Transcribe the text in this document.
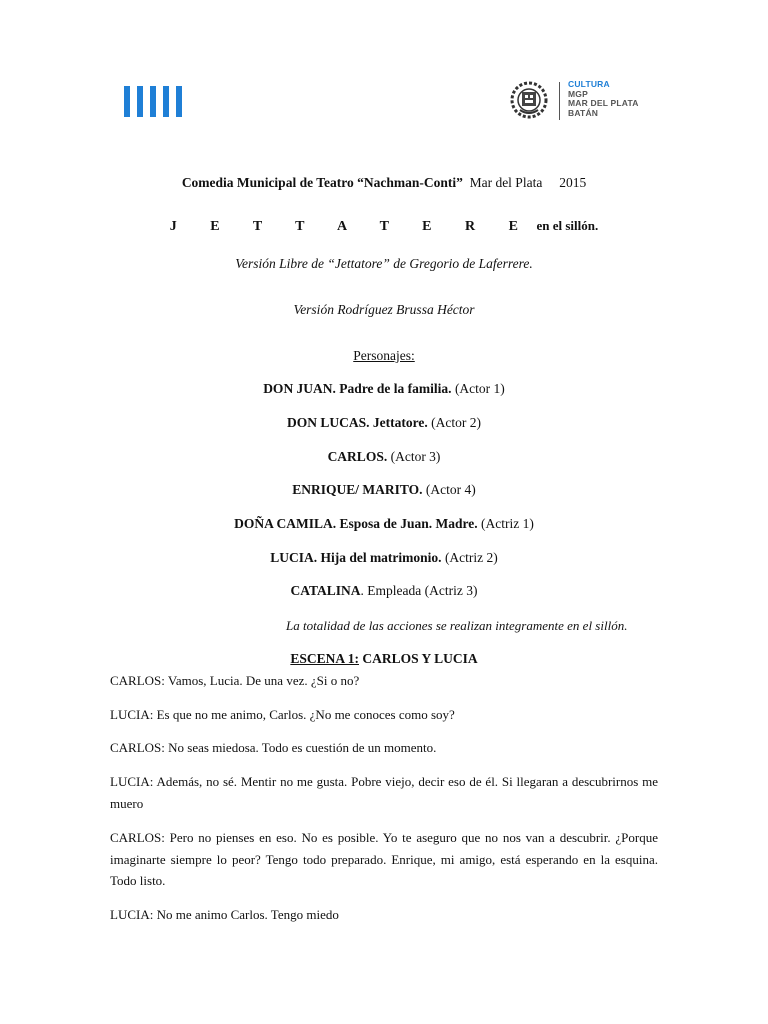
CULTURA
MGP
MAR DEL PLATA
BATÁN
Comedia Municipal de Teatro “Nachman-Conti” Mar del Plata 2015
J E T T A T E R E en el sillón.
Versión Libre de “Jettatore” de Gregorio de Laferrere.
Versión Rodríguez Brussa Héctor
Personajes:
DON JUAN. Padre de la familia. (Actor 1)
DON LUCAS. Jettatore. (Actor 2)
CARLOS. (Actor 3)
ENRIQUE/ MARITO. (Actor 4)
DOÑA CAMILA. Esposa de Juan. Madre. (Actriz 1)
LUCIA. Hija del matrimonio. (Actriz 2)
CATALINA. Empleada (Actriz 3)
La totalidad de las acciones se realizan integramente en el sillón.
ESCENA 1: CARLOS Y LUCIA
CARLOS: Vamos, Lucia. De una vez. ¿Si o no?
LUCIA: Es que no me animo, Carlos. ¿No me conoces como soy?
CARLOS: No seas miedosa. Todo es cuestión de un momento.
LUCIA: Además, no sé. Mentir no me gusta. Pobre viejo, decir eso de él. Si llegaran a descubrirnos me muero
CARLOS: Pero no pienses en eso. No es posible. Yo te aseguro que no nos van a descubrir. ¿Porque imaginarte siempre lo peor? Tengo todo preparado. Enrique, mi amigo, está esperando en la esquina. Todo listo.
LUCIA: No me animo Carlos. Tengo miedo
